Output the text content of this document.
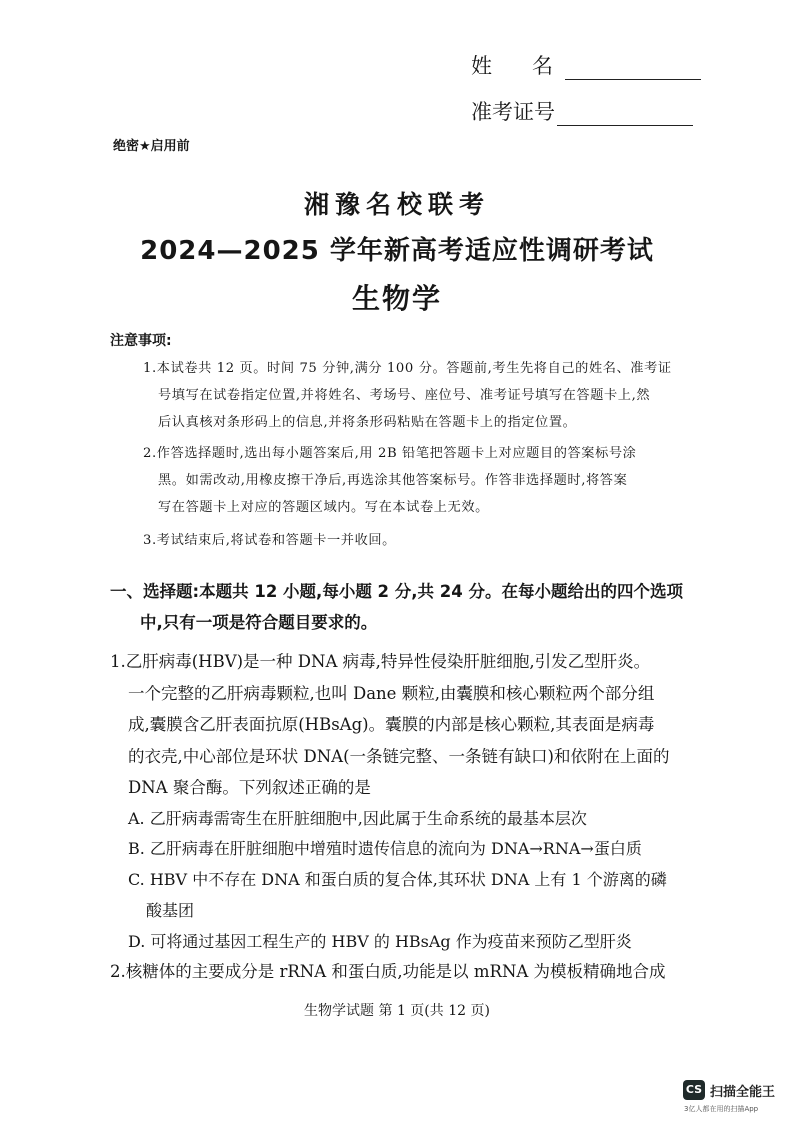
姓名
准考证号
绝密★启用前
湘豫名校联考
2024—2025 学年新高考适应性调研考试
生物学
注意事项:
1.本试卷共 12 页。时间 75 分钟,满分 100 分。答题前,考生先将自己的姓名、准考证
号填写在试卷指定位置,并将姓名、考场号、座位号、准考证号填写在答题卡上,然
后认真核对条形码上的信息,并将条形码粘贴在答题卡上的指定位置。
2.作答选择题时,选出每小题答案后,用 2B 铅笔把答题卡上对应题目的答案标号涂
黑。如需改动,用橡皮擦干净后,再选涂其他答案标号。作答非选择题时,将答案
写在答题卡上对应的答题区域内。写在本试卷上无效。
3.考试结束后,将试卷和答题卡一并收回。
一、选择题:本题共 12 小题,每小题 2 分,共 24 分。在每小题给出的四个选项
中,只有一项是符合题目要求的。
1.乙肝病毒(HBV)是一种 DNA 病毒,特异性侵染肝脏细胞,引发乙型肝炎。
一个完整的乙肝病毒颗粒,也叫 Dane 颗粒,由囊膜和核心颗粒两个部分组
成,囊膜含乙肝表面抗原(HBsAg)。囊膜的内部是核心颗粒,其表面是病毒
的衣壳,中心部位是环状 DNA(一条链完整、一条链有缺口)和依附在上面的
DNA 聚合酶。下列叙述正确的是
A. 乙肝病毒需寄生在肝脏细胞中,因此属于生命系统的最基本层次
B. 乙肝病毒在肝脏细胞中增殖时遗传信息的流向为 DNA→RNA→蛋白质
C. HBV 中不存在 DNA 和蛋白质的复合体,其环状 DNA 上有 1 个游离的磷
酸基团
D. 可将通过基因工程生产的 HBV 的 HBsAg 作为疫苗来预防乙型肝炎
2.核糖体的主要成分是 rRNA 和蛋白质,功能是以 mRNA 为模板精确地合成
生物学试题 第 1 页(共 12 页)
CS 扫描全能王
3亿人都在用的扫描App
